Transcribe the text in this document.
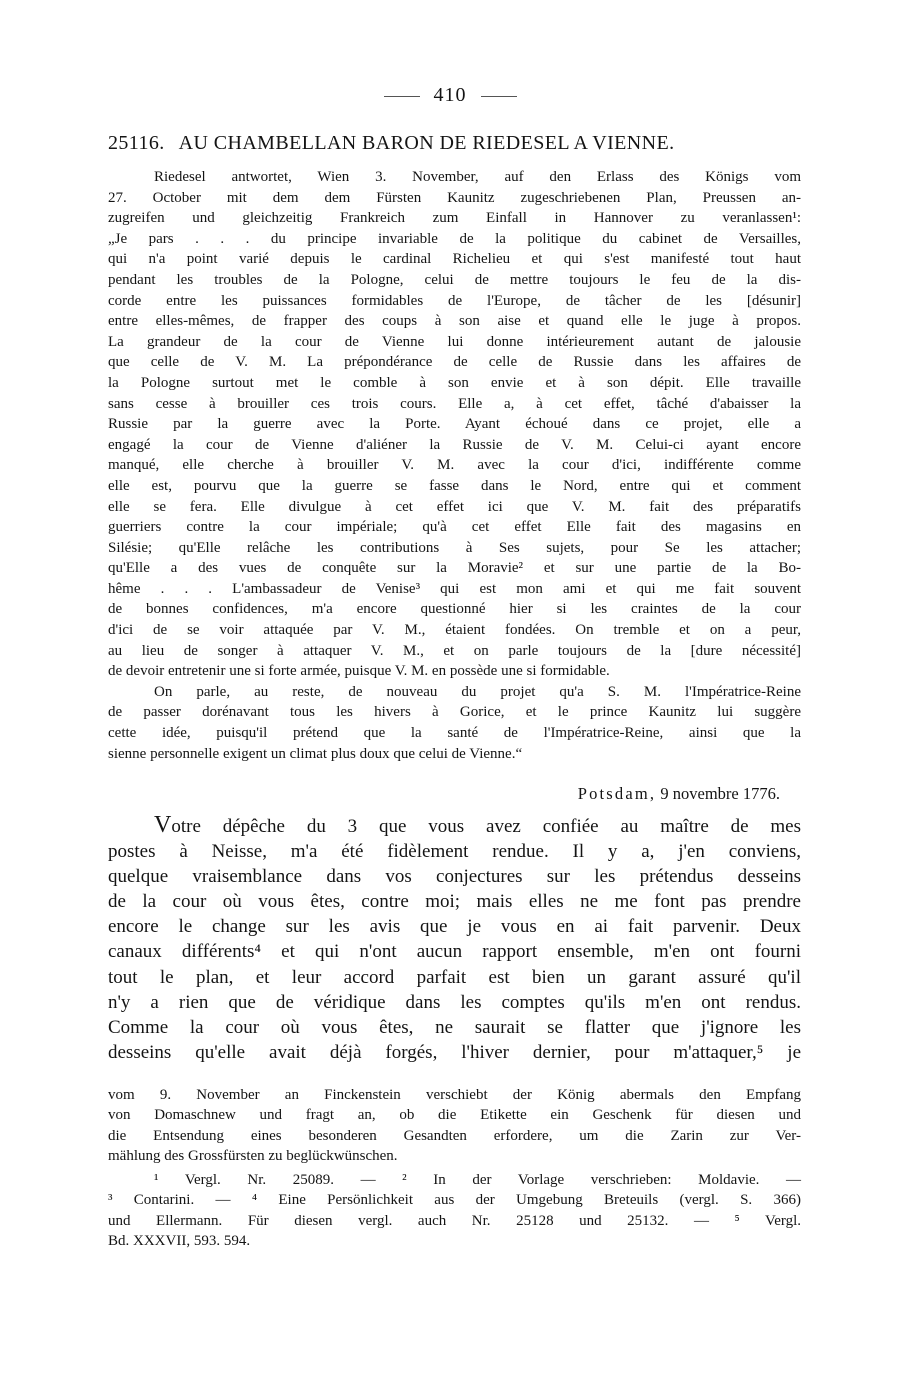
410
25116. AU CHAMBELLAN BARON DE RIEDESEL A VIENNE.
Riedesel antwortet, Wien 3. November, auf den Erlass des Königs vom
27. October mit dem dem Fürsten Kaunitz zugeschriebenen Plan, Preussen an-
zugreifen und gleichzeitig Frankreich zum Einfall in Hannover zu veranlassen¹:
„Je pars . . . du principe invariable de la politique du cabinet de Versailles,
qui n'a point varié depuis le cardinal Richelieu et qui s'est manifesté tout haut
pendant les troubles de la Pologne, celui de mettre toujours le feu de la dis-
corde entre les puissances formidables de l'Europe, de tâcher de les [désunir]
entre elles-mêmes, de frapper des coups à son aise et quand elle le juge à propos.
La grandeur de la cour de Vienne lui donne intérieurement autant de jalousie
que celle de V. M. La prépondérance de celle de Russie dans les affaires de
la Pologne surtout met le comble à son envie et à son dépit. Elle travaille
sans cesse à brouiller ces trois cours. Elle a, à cet effet, tâché d'abaisser la
Russie par la guerre avec la Porte. Ayant échoué dans ce projet, elle a
engagé la cour de Vienne d'aliéner la Russie de V. M. Celui-ci ayant encore
manqué, elle cherche à brouiller V. M. avec la cour d'ici, indifférente comme
elle est, pourvu que la guerre se fasse dans le Nord, entre qui et comment
elle se fera. Elle divulgue à cet effet ici que V. M. fait des préparatifs
guerriers contre la cour impériale; qu'à cet effet Elle fait des magasins en
Silésie; qu'Elle relâche les contributions à Ses sujets, pour Se les attacher;
qu'Elle a des vues de conquête sur la Moravie² et sur une partie de la Bo-
hême . . . L'ambassadeur de Venise³ qui est mon ami et qui me fait souvent
de bonnes confidences, m'a encore questionné hier si les craintes de la cour
d'ici de se voir attaquée par V. M., étaient fondées. On tremble et on a peur,
au lieu de songer à attaquer V. M., et on parle toujours de la [dure nécessité]
de devoir entretenir une si forte armée, puisque V. M. en possède une si formidable.
On parle, au reste, de nouveau du projet qu'a S. M. l'Impératrice-Reine
de passer dorénavant tous les hivers à Gorice, et le prince Kaunitz lui suggère
cette idée, puisqu'il prétend que la santé de l'Impératrice-Reine, ainsi que la
sienne personnelle exigent un climat plus doux que celui de Vienne.“
Potsdam, 9 novembre 1776.
Votre dépêche du 3 que vous avez confiée au maître de mes
postes à Neisse, m'a été fidèlement rendue. Il y a, j'en conviens,
quelque vraisemblance dans vos conjectures sur les prétendus desseins
de la cour où vous êtes, contre moi; mais elles ne me font pas prendre
encore le change sur les avis que je vous en ai fait parvenir. Deux
canaux différents⁴ et qui n'ont aucun rapport ensemble, m'en ont fourni
tout le plan, et leur accord parfait est bien un garant assuré qu'il
n'y a rien que de véridique dans les comptes qu'ils m'en ont rendus.
Comme la cour où vous êtes, ne saurait se flatter que j'ignore les
desseins qu'elle avait déjà forgés, l'hiver dernier, pour m'attaquer,⁵ je
vom 9. November an Finckenstein verschiebt der König abermals den Empfang
von Domaschnew und fragt an, ob die Etikette ein Geschenk für diesen und
die Entsendung eines besonderen Gesandten erfordere, um die Zarin zur Ver-
mählung des Grossfürsten zu beglückwünschen.
¹ Vergl. Nr. 25089. — ² In der Vorlage verschrieben: Moldavie. —
³ Contarini. — ⁴ Eine Persönlichkeit aus der Umgebung Breteuils (vergl. S. 366)
und Ellermann. Für diesen vergl. auch Nr. 25128 und 25132. — ⁵ Vergl.
Bd. XXXVII, 593. 594.
